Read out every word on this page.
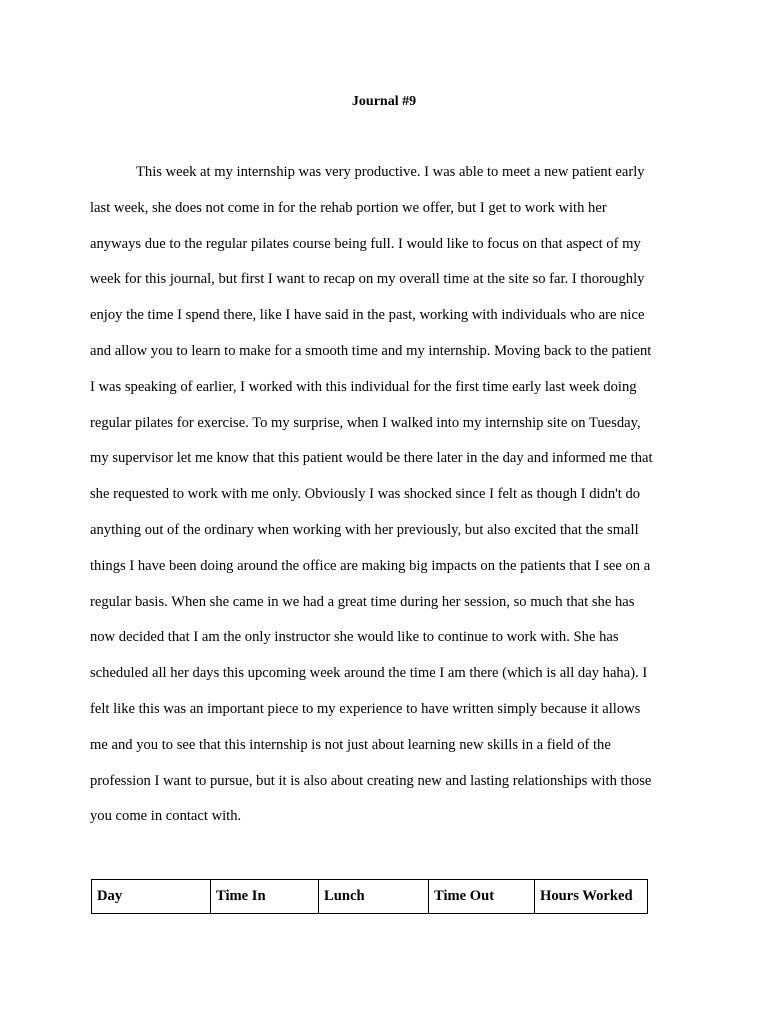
Journal #9
This week at my internship was very productive. I was able to meet a new patient early
last week, she does not come in for the rehab portion we offer, but I get to work with her
anyways due to the regular pilates course being full. I would like to focus on that aspect of my
week for this journal, but first I want to recap on my overall time at the site so far. I thoroughly
enjoy the time I spend there, like I have said in the past, working with individuals who are nice
and allow you to learn to make for a smooth time and my internship. Moving back to the patient
I was speaking of earlier, I worked with this individual for the first time early last week doing
regular pilates for exercise. To my surprise, when I walked into my internship site on Tuesday,
my supervisor let me know that this patient would be there later in the day and informed me that
she requested to work with me only. Obviously I was shocked since I felt as though I didn't do
anything out of the ordinary when working with her previously, but also excited that the small
things I have been doing around the office are making big impacts on the patients that I see on a
regular basis. When she came in we had a great time during her session, so much that she has
now decided that I am the only instructor she would like to continue to work with. She has
scheduled all her days this upcoming week around the time I am there (which is all day haha). I
felt like this was an important piece to my experience to have written simply because it allows
me and you to see that this internship is not just about learning new skills in a field of the
profession I want to pursue, but it is also about creating new and lasting relationships with those
you come in contact with.
Day	Time In	Lunch	Time Out	Hours Worked
